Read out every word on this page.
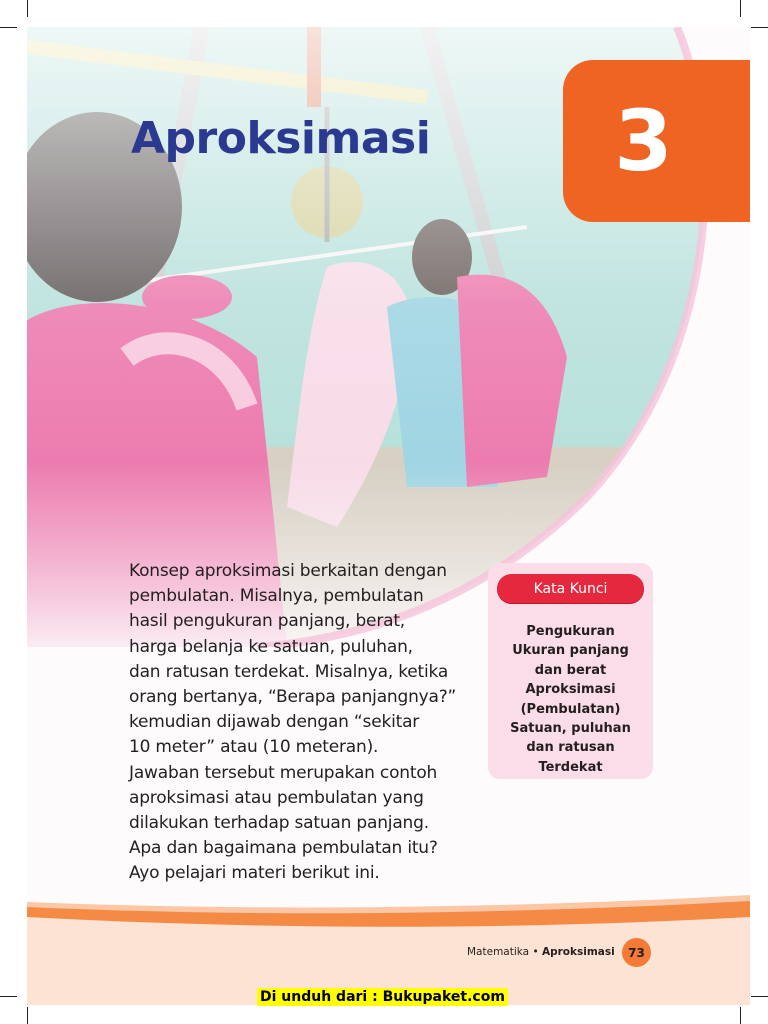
Aproksimasi 3

Konsep aproksimasi berkaitan dengan
pembulatan. Misalnya, pembulatan
hasil pengukuran panjang, berat,
harga belanja ke satuan, puluhan,
dan ratusan terdekat. Misalnya, ketika
orang bertanya, “Berapa panjangnya?”
kemudian dijawab dengan “sekitar
10 meter” atau (10 meteran).
Jawaban tersebut merupakan contoh
aproksimasi atau pembulatan yang
dilakukan terhadap satuan panjang.
Apa dan bagaimana pembulatan itu?
Ayo pelajari materi berikut ini.

Kata Kunci
Pengukuran
Ukuran panjang
dan berat
Aproksimasi
(Pembulatan)
Satuan, puluhan
dan ratusan
Terdekat
Matematika • Aproksimasi	73
Di unduh dari : Bukupaket.com
